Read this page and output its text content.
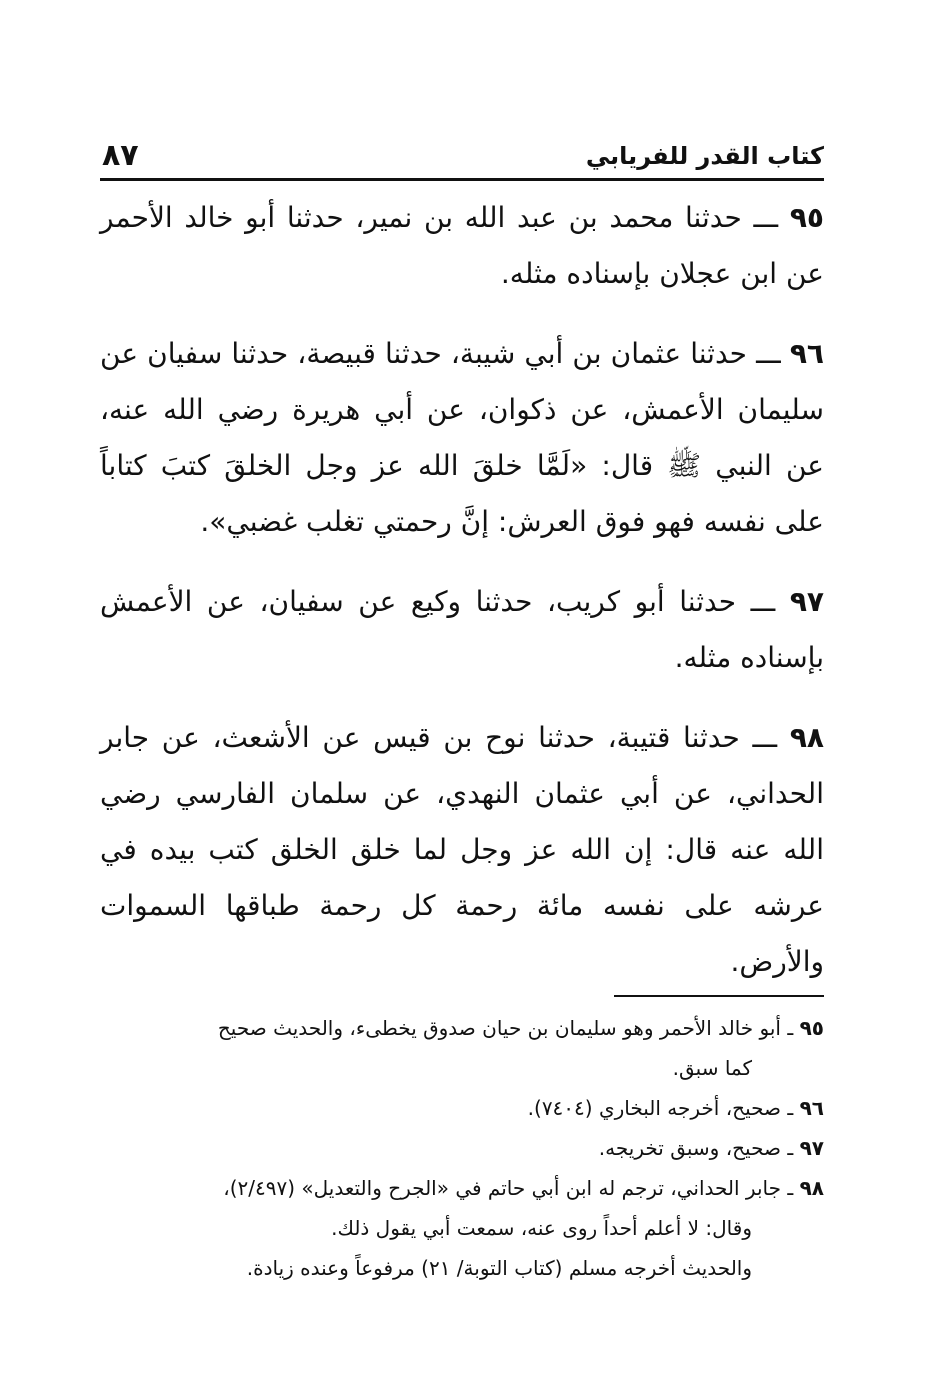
٨٧	كتاب القدر للفريابي

٩٥ ـــ حدثنا محمد بن عبد الله بن نمير، حدثنا أبو خالد الأحمر عن ابن عجلان بإسناده مثله.

٩٦ ـــ حدثنا عثمان بن أبي شيبة، حدثنا قبيصة، حدثنا سفيان عن سليمان الأعمش، عن ذكوان، عن أبي هريرة رضي الله عنه، عن النبي ﷺ قال: «لَمَّا خلقَ الله عز وجل الخلقَ كتبَ كتاباً على نفسه فهو فوق العرش: إنَّ رحمتي تغلب غضبي».

٩٧ ـــ حدثنا أبو كريب، حدثنا وكيع عن سفيان، عن الأعمش بإسناده مثله.

٩٨ ـــ حدثنا قتيبة، حدثنا نوح بن قيس عن الأشعث، عن جابر الحداني، عن أبي عثمان النهدي، عن سلمان الفارسي رضي الله عنه قال: إن الله عز وجل لما خلق الخلق كتب بيده في عرشه على نفسه مائة رحمة كل رحمة طباقها السموات والأرض.

٩٥ ـ أبو خالد الأحمر وهو سليمان بن حيان صدوق يخطىء، والحديث صحيح
كما سبق.
٩٦ ـ صحيح، أخرجه البخاري (٧٤٠٤).
٩٧ ـ صحيح، وسبق تخريجه.
٩٨ ـ جابر الحداني، ترجم له ابن أبي حاتم في «الجرح والتعديل» (٢/٤٩٧)،
وقال: لا أعلم أحداً روى عنه، سمعت أبي يقول ذلك.
والحديث أخرجه مسلم (كتاب التوبة/ ٢١) مرفوعاً وعنده زيادة.
